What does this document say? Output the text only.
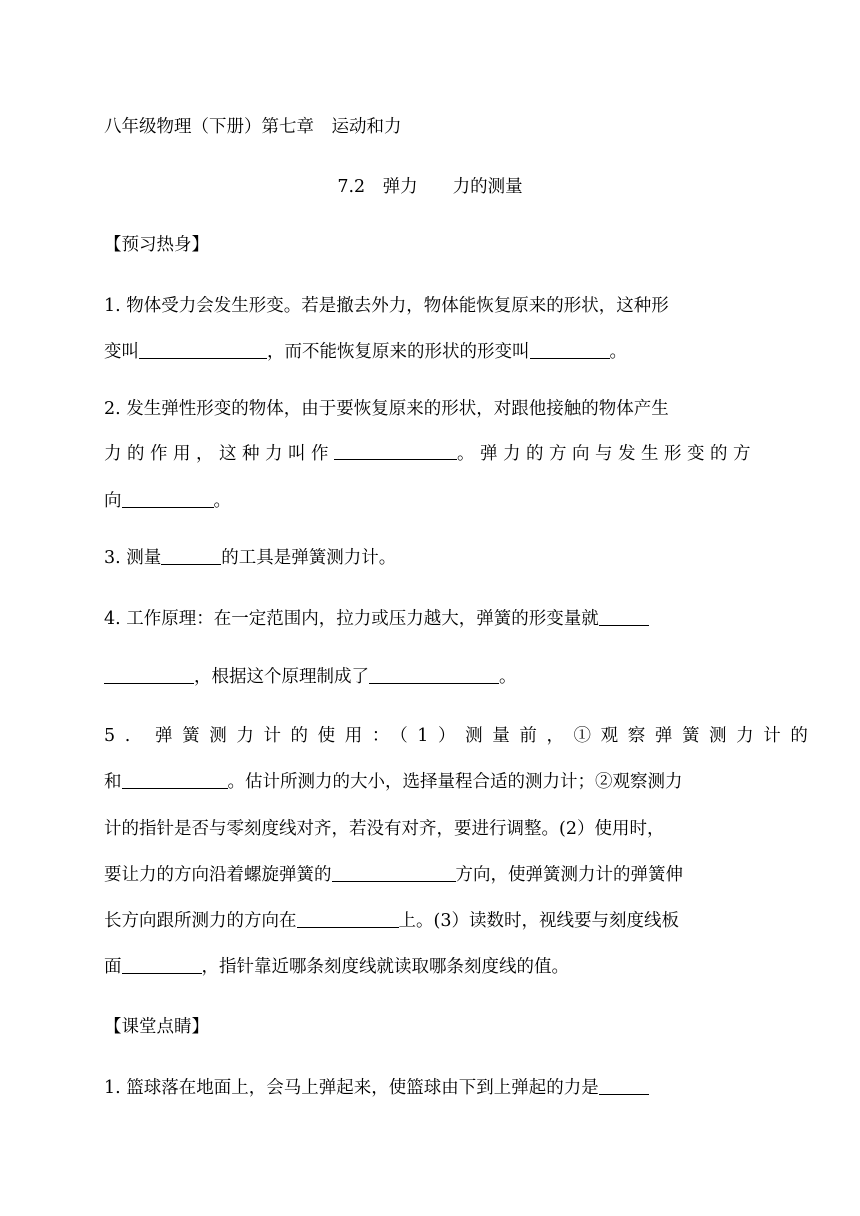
八年级物理（下册）第七章　运动和力
7.2　弹力　　力的测量
【预习热身】
1. 物体受力会发生形变。若是撤去外力，物体能恢复原来的形状，这种形
变叫	，而不能恢复原来的形状的形变叫	。
2. 发生弹性形变的物体，由于要恢复原来的形状，对跟他接触的物体产生
力的作用，这种力叫作	。弹力的方向与发生形变的方
向	。
3. 测量	的工具是弹簧测力计。
4. 工作原理：在一定范围内，拉力或压力越大，弹簧的形变量就
，根据这个原理制成了	。
5. 弹簧测力计的使用：（1）测量前，①观察弹簧测力计的
和	。估计所测力的大小，选择量程合适的测力计；②观察测力
计的指针是否与零刻度线对齐，若没有对齐，要进行调整。(2）使用时，
要让力的方向沿着螺旋弹簧的	方向，使弹簧测力计的弹簧伸
长方向跟所测力的方向在	上。(3）读数时，视线要与刻度线板
面	，指针靠近哪条刻度线就读取哪条刻度线的值。
【课堂点睛】
1. 篮球落在地面上，会马上弹起来，使篮球由下到上弹起的力是
